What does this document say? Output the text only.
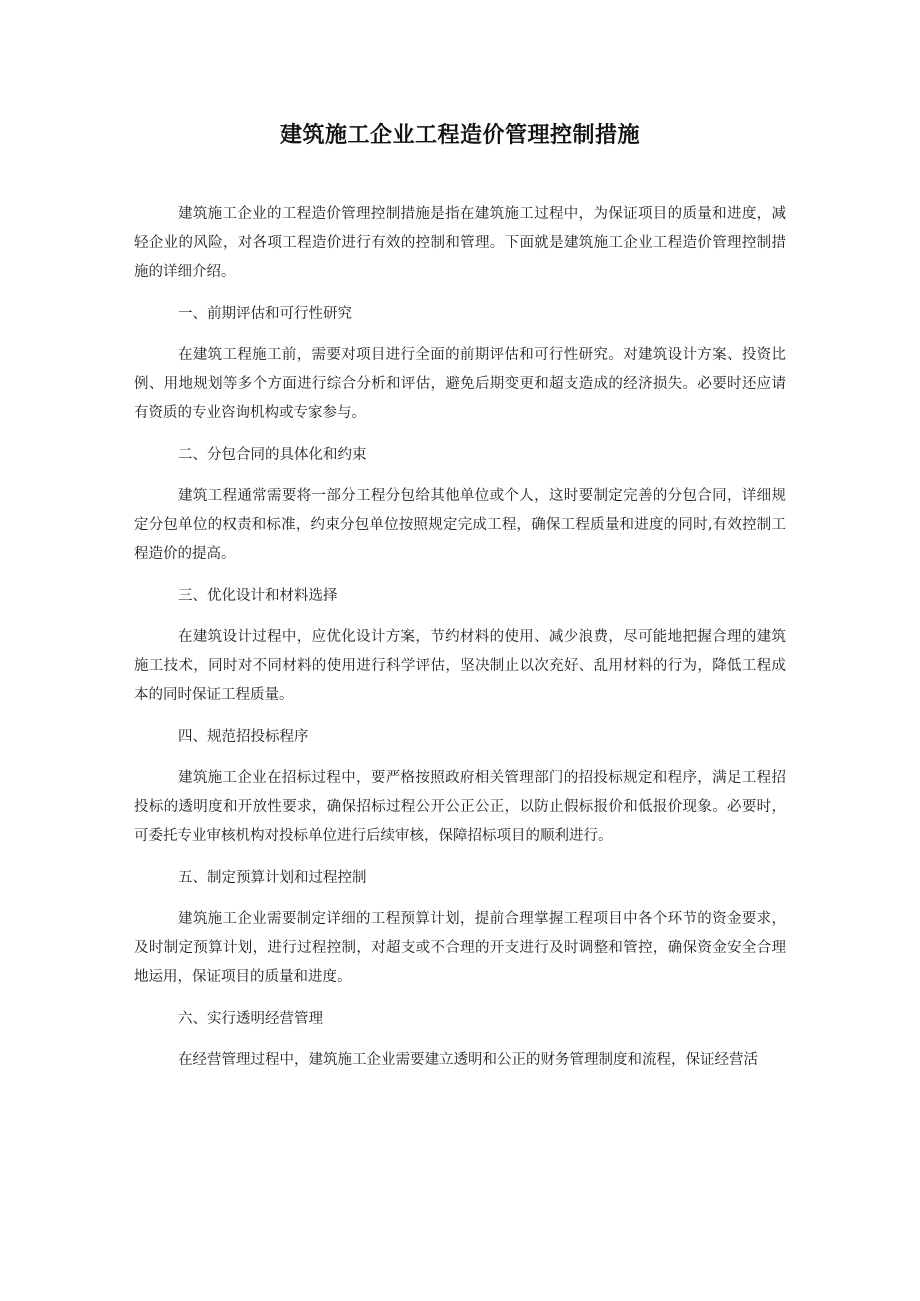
建筑施工企业工程造价管理控制措施

建筑施工企业的工程造价管理控制措施是指在建筑施工过程中，为保证项目的质量和进度，减轻企业的风险，对各项工程造价进行有效的控制和管理。下面就是建筑施工企业工程造价管理控制措施的详细介绍。

一、前期评估和可行性研究

在建筑工程施工前，需要对项目进行全面的前期评估和可行性研究。对建筑设计方案、投资比例、用地规划等多个方面进行综合分析和评估，避免后期变更和超支造成的经济损失。必要时还应请有资质的专业咨询机构或专家参与。

二、分包合同的具体化和约束

建筑工程通常需要将一部分工程分包给其他单位或个人，这时要制定完善的分包合同，详细规定分包单位的权责和标准，约束分包单位按照规定完成工程，确保工程质量和进度的同时,有效控制工程造价的提高。

三、优化设计和材料选择

在建筑设计过程中，应优化设计方案，节约材料的使用、减少浪费，尽可能地把握合理的建筑施工技术，同时对不同材料的使用进行科学评估，坚决制止以次充好、乱用材料的行为，降低工程成本的同时保证工程质量。

四、规范招投标程序

建筑施工企业在招标过程中，要严格按照政府相关管理部门的招投标规定和程序，满足工程招投标的透明度和开放性要求，确保招标过程公开公正公正，以防止假标报价和低报价现象。必要时，可委托专业审核机构对投标单位进行后续审核，保障招标项目的顺利进行。

五、制定预算计划和过程控制

建筑施工企业需要制定详细的工程预算计划，提前合理掌握工程项目中各个环节的资金要求，及时制定预算计划，进行过程控制，对超支或不合理的开支进行及时调整和管控，确保资金安全合理地运用，保证项目的质量和进度。

六、实行透明经营管理

在经营管理过程中，建筑施工企业需要建立透明和公正的财务管理制度和流程，保证经营活
